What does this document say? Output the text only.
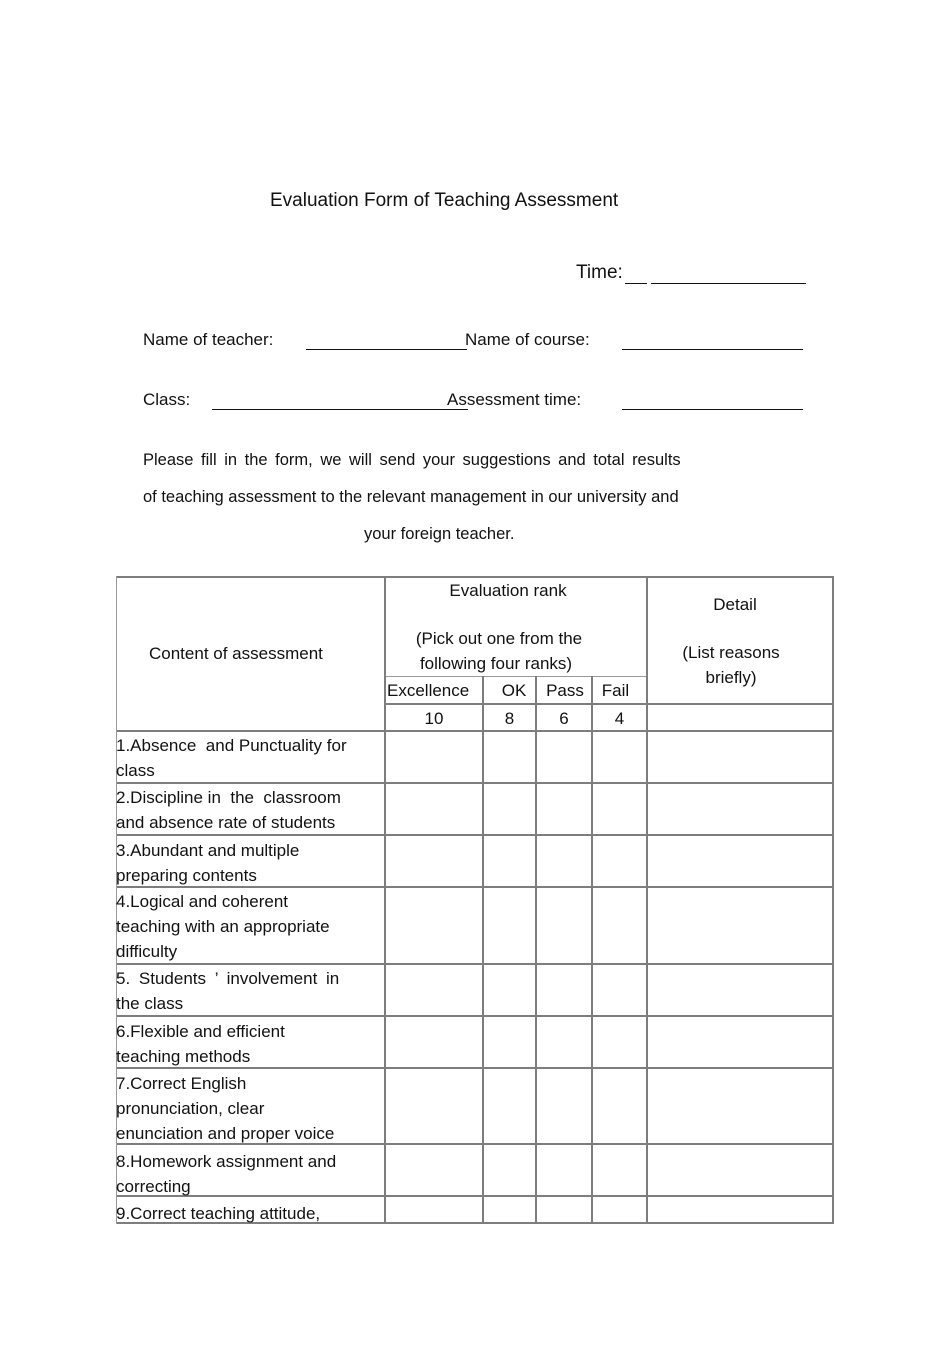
Evaluation Form of Teaching Assessment
Time:
Name of teacher:	Name of course:
Class:	Assessment time:
Please fill in the form, we will send your suggestions and total results
of teaching assessment to the relevant management in our university and
your foreign teacher.
Content of assessment
Evaluation rank
(Pick out one from the
following four ranks)
Detail
(List reasons
briefly)
Excellence	OK	Pass	Fail
10	8	6	4
1.Absence  and Punctuality for
class
2.Discipline in  the  classroom
and absence rate of students
3.Abundant and multiple
preparing contents
4.Logical and coherent
teaching with an appropriate
difficulty
5. Students ’ involvement in
the class
6.Flexible and efficient
teaching methods
7.Correct English
pronunciation, clear
enunciation and proper voice
8.Homework assignment and
correcting
9.Correct teaching attitude,
